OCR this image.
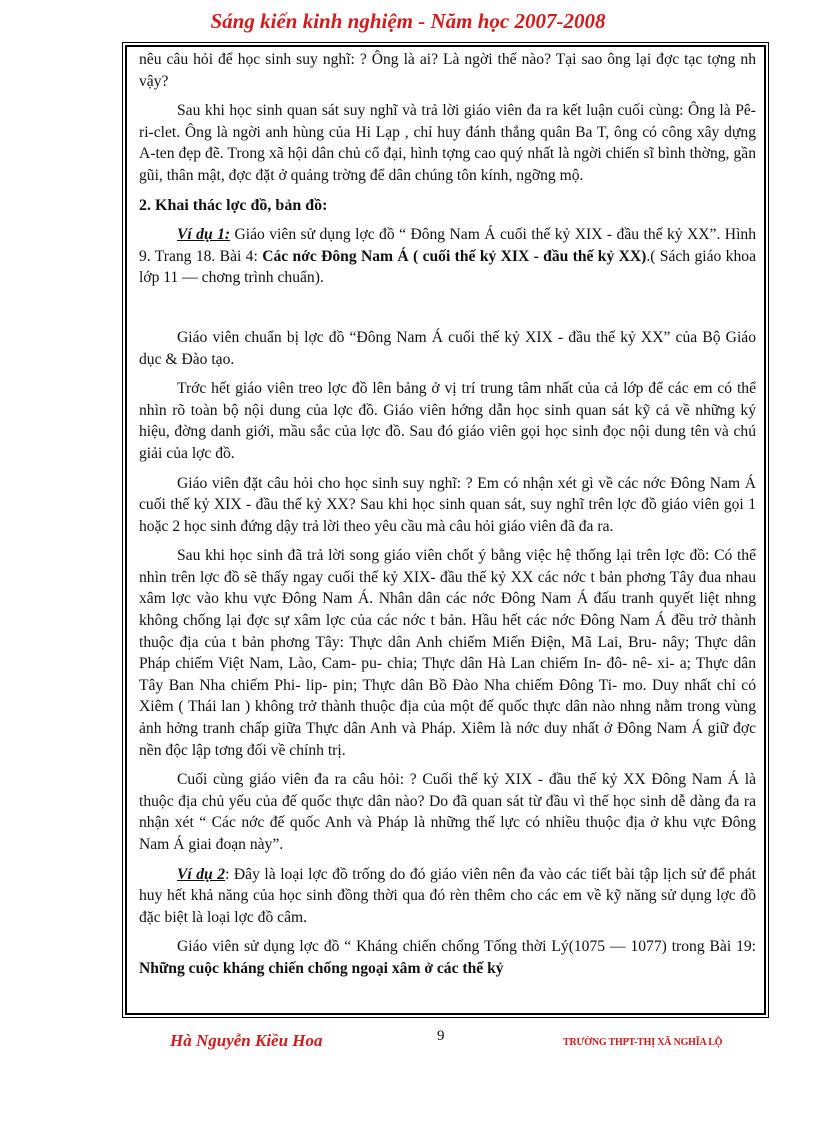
Sáng kiến kinh nghiệm - Năm học 2007-2008

nêu câu hỏi để học sinh suy nghĩ: ? Ông là ai? Là ngời thế nào? Tại sao ông lại đợc tạc tợng nh vậy?

Sau khi học sinh quan sát suy nghĩ và trả lời giáo viên đa ra kết luận cuối cùng: Ông là Pê-ri-clet. Ông là ngời anh hùng của Hi Lạp , chỉ huy đánh thắng quân Ba T, ông có công xây dựng A-ten đẹp đẽ. Trong xã hội dân chủ cổ đại, hình tợng cao quý nhất là ngời chiến sĩ bình thờng, gần gũi, thân mật, đợc đặt ở quảng trờng để dân chúng tôn kính, ngỡng mộ.

2. Khai thác lợc đồ, bản đồ:

Ví dụ 1: Giáo viên sử dụng lợc đồ “ Đông Nam Á cuối thế kỷ XIX - đầu thế kỷ XX”. Hình 9. Trang 18. Bài 4: Các nớc Đông Nam Á ( cuối thế kỷ XIX - đầu thế kỷ XX).( Sách giáo khoa lớp 11 — chơng trình chuẩn).

Giáo viên chuẩn bị lợc đồ “Đông Nam Á cuối thế kỷ XIX - đầu thế kỷ XX” của Bộ Giáo dục & Đào tạo.

Trớc hết giáo viên treo lợc đồ lên bảng ở vị trí trung tâm nhất của cả lớp để các em có thể nhìn rõ toàn bộ nội dung của lợc đồ. Giáo viên hớng dẫn học sinh quan sát kỹ cả về những ký hiệu, đờng danh giới, mầu sắc của lợc đồ. Sau đó giáo viên gọi học sinh đọc nội dung tên và chú giải của lợc đồ.

Giáo viên đặt câu hỏi cho học sinh suy nghĩ: ? Em có nhận xét gì về các nớc Đông Nam Á cuối thế kỷ XIX - đầu thế kỷ XX? Sau khi học sinh quan sát, suy nghĩ trên lợc đồ giáo viên gọi 1 hoặc 2 học sinh đứng dậy trả lời theo yêu cầu mà câu hỏi giáo viên đã đa ra.

Sau khi học sinh đã trả lời song giáo viên chốt ý bằng việc hệ thống lại trên lợc đồ: Có thể nhìn trên lợc đồ sẽ thấy ngay cuối thế kỷ XIX- đầu thế kỷ XX các nớc t bản phơng Tây đua nhau xâm lợc vào khu vực Đông Nam Á. Nhân dân các nớc Đông Nam Á đấu tranh quyết liệt nhng không chống lại đợc sự xâm lợc của các nớc t bản. Hầu hết các nớc Đông Nam Á đều trở thành thuộc địa của t bản phơng Tây: Thực dân Anh chiếm Miến Điện, Mã Lai, Bru- nây; Thực dân Pháp chiếm Việt Nam, Lào, Cam- pu- chia; Thực dân Hà Lan chiếm In- đô- nê- xi- a; Thực dân Tây Ban Nha chiếm Phi- lip- pin; Thực dân Bồ Đào Nha chiếm Đông Ti- mo. Duy nhất chỉ có Xiêm ( Thái lan ) không trở thành thuộc địa của một đế quốc thực dân nào nhng nằm trong vùng ảnh hởng tranh chấp giữa Thực dân Anh và Pháp. Xiêm là nớc duy nhất ở Đông Nam Á giữ đợc nền độc lập tơng đối về chính trị.

Cuối cùng giáo viên đa ra câu hỏi: ? Cuối thế kỷ XIX - đầu thế kỷ XX Đông Nam Á là thuộc địa chủ yếu của đế quốc thực dân nào? Do đã quan sát từ đầu vì thế học sinh dễ dàng đa ra nhận xét “ Các nớc đế quốc Anh và Pháp là những thế lực có nhiều thuộc địa ở khu vực Đông Nam Á giai đoạn này”.

Ví dụ 2: Đây là loại lợc đồ trống do đó giáo viên nên đa vào các tiết bài tập lịch sử để phát huy hết khả năng của học sinh đồng thời qua đó rèn thêm cho các em về kỹ năng sử dụng lợc đồ đặc biệt là loại lợc đồ câm.

Giáo viên sử dụng lợc đồ “ Kháng chiến chống Tống thời Lý(1075 — 1077) trong Bài 19: Những cuộc kháng chiến chống ngoại xâm ở các thế kỷ

Hà Nguyễn Kiều Hoa	9	TRƯỜNG THPT-THỊ XÃ NGHĨA LỘ
